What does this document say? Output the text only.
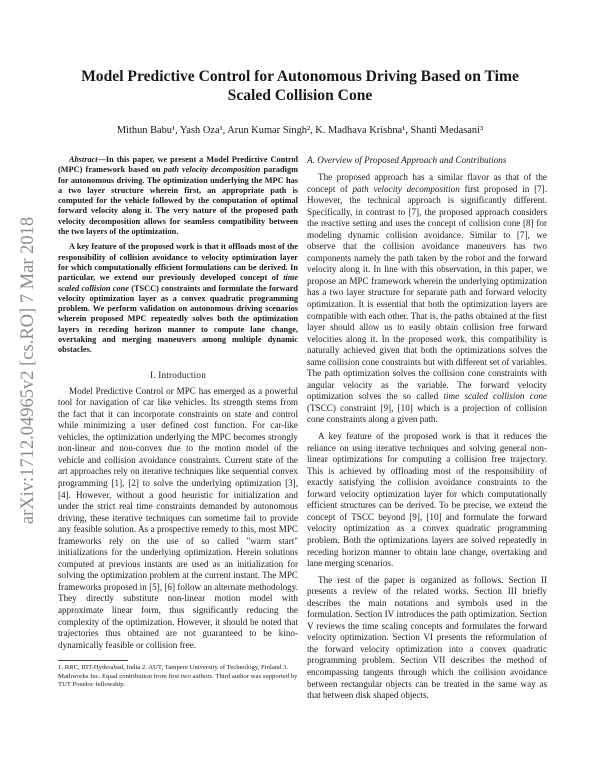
arXiv:1712.04965v2 [cs.RO] 7 Mar 2018
Model Predictive Control for Autonomous Driving Based on Time Scaled Collision Cone
Mithun Babu¹, Yash Oza¹, Arun Kumar Singh², K. Madhava Krishna¹, Shanti Medasani³

Abstract—In this paper, we present a Model Predictive Control (MPC) framework based on path velocity decomposition paradigm for autonomous driving. The optimization underlying the MPC has a two layer structure wherein first, an appropriate path is computed for the vehicle followed by the computation of optimal forward velocity along it. The very nature of the proposed path velocity decomposition allows for seamless compatibility between the two layers of the optimization.

A key feature of the proposed work is that it offloads most of the responsibility of collision avoidance to velocity optimization layer for which computationally efficient formulations can be derived. In particular, we extend our previously developed concept of time scaled collision cone (TSCC) constraints and formulate the forward velocity optimization layer as a convex quadratic programming problem. We perform validation on autonomous driving scenarios wherein proposed MPC repeatedly solves both the optimization layers in receding horizon manner to compute lane change, overtaking and merging maneuvers among multiple dynamic obstacles.

I. Introduction

Model Predictive Control or MPC has emerged as a powerful tool for navigation of car like vehicles. Its strength stems from the fact that it can incorporate constraints on state and control while minimizing a user defined cost function. For car-like vehicles, the optimization underlying the MPC becomes strongly non-linear and non-convex due to the motion model of the vehicle and collision avoidance constraints. Current state of the art approaches rely on iterative techniques like sequential convex programming [1], [2] to solve the underlying optimization [3], [4]. However, without a good heuristic for initialization and under the strict real time constraints demanded by autonomous driving, these iterative techniques can sometime fail to provide any feasible solution. As a prospective remedy to this, most MPC frameworks rely on the use of so called "warm start" initializations for the underlying optimization. Herein solutions computed at previous instants are used as an initialization for solving the optimization problem at the current instant. The MPC frameworks proposed in [5], [6] follow an alternate methodology. They directly substitute non-linear motion model with approximate linear form, thus significantly reducing the complexity of the optimization. However, it should be noted that trajectories thus obtained are not guaranteed to be kino-dynamically feasible or collision free.

1. RRC, IIIT-Hyderabad, India 2. AUT, Tampere University of Technology, Finland 3. Mathworks Inc. Equal contribution from first two authors. Third author was supported by TUT Postdoc fellowship.

A. Overview of Proposed Approach and Contributions

The proposed approach has a similar flavor as that of the concept of path velocity decomposition first proposed in [7]. However, the technical approach is significantly different. Specifically, in contrast to [7], the proposed approach considers the reactive setting and uses the concept of collision cone [8] for modeling dynamic collision avoidance. Similar to [7], we observe that the collision avoidance maneuvers has two components namely the path taken by the robot and the forward velocity along it. In line with this observation, in this paper, we propose an MPC framework wherein the underlying optimization has a two layer structure for separate path and forward velocity optimization. It is essential that both the optimization layers are compatible with each other. That is, the paths obtained at the first layer should allow us to easily obtain collision free forward velocities along it. In the proposed work, this compatibility is naturally achieved given that both the optimizations solves the same collision cone constraints but with different set of variables. The path optimization solves the collision cone constraints with angular velocity as the variable. The forward velocity optimization solves the so called time scaled collision cone (TSCC) constraint [9], [10] which is a projection of collision cone constraints along a given path.

A key feature of the proposed work is that it reduces the reliance on using iterative techniques and solving general non-linear optimizations for computing a collision free trajectory. This is achieved by offloading most of the responsibility of exactly satisfying the collision avoidance constraints to the forward velocity optimization layer for which computationally efficient structures can be derived. To be precise, we extend the concept of TSCC beyond [9], [10] and formulate the forward velocity optimization as a convex quadratic programming problem. Both the optimizations layers are solved repeatedly in receding horizon manner to obtain lane change, overtaking and lane merging scenarios.

The rest of the paper is organized as follows. Section II presents a review of the related works. Section III briefly describes the main notations and symbols used in the formulation. Section IV introduces the path optimization. Section V reviews the time scaling concepts and formulates the forward velocity optimization. Section VI presents the reformulation of the forward velocity optimization into a convex quadratic programming problem. Section VII describes the method of encompassing tangents through which the collision avoidance between rectangular objects can be treated in the same way as that between disk shaped objects.
